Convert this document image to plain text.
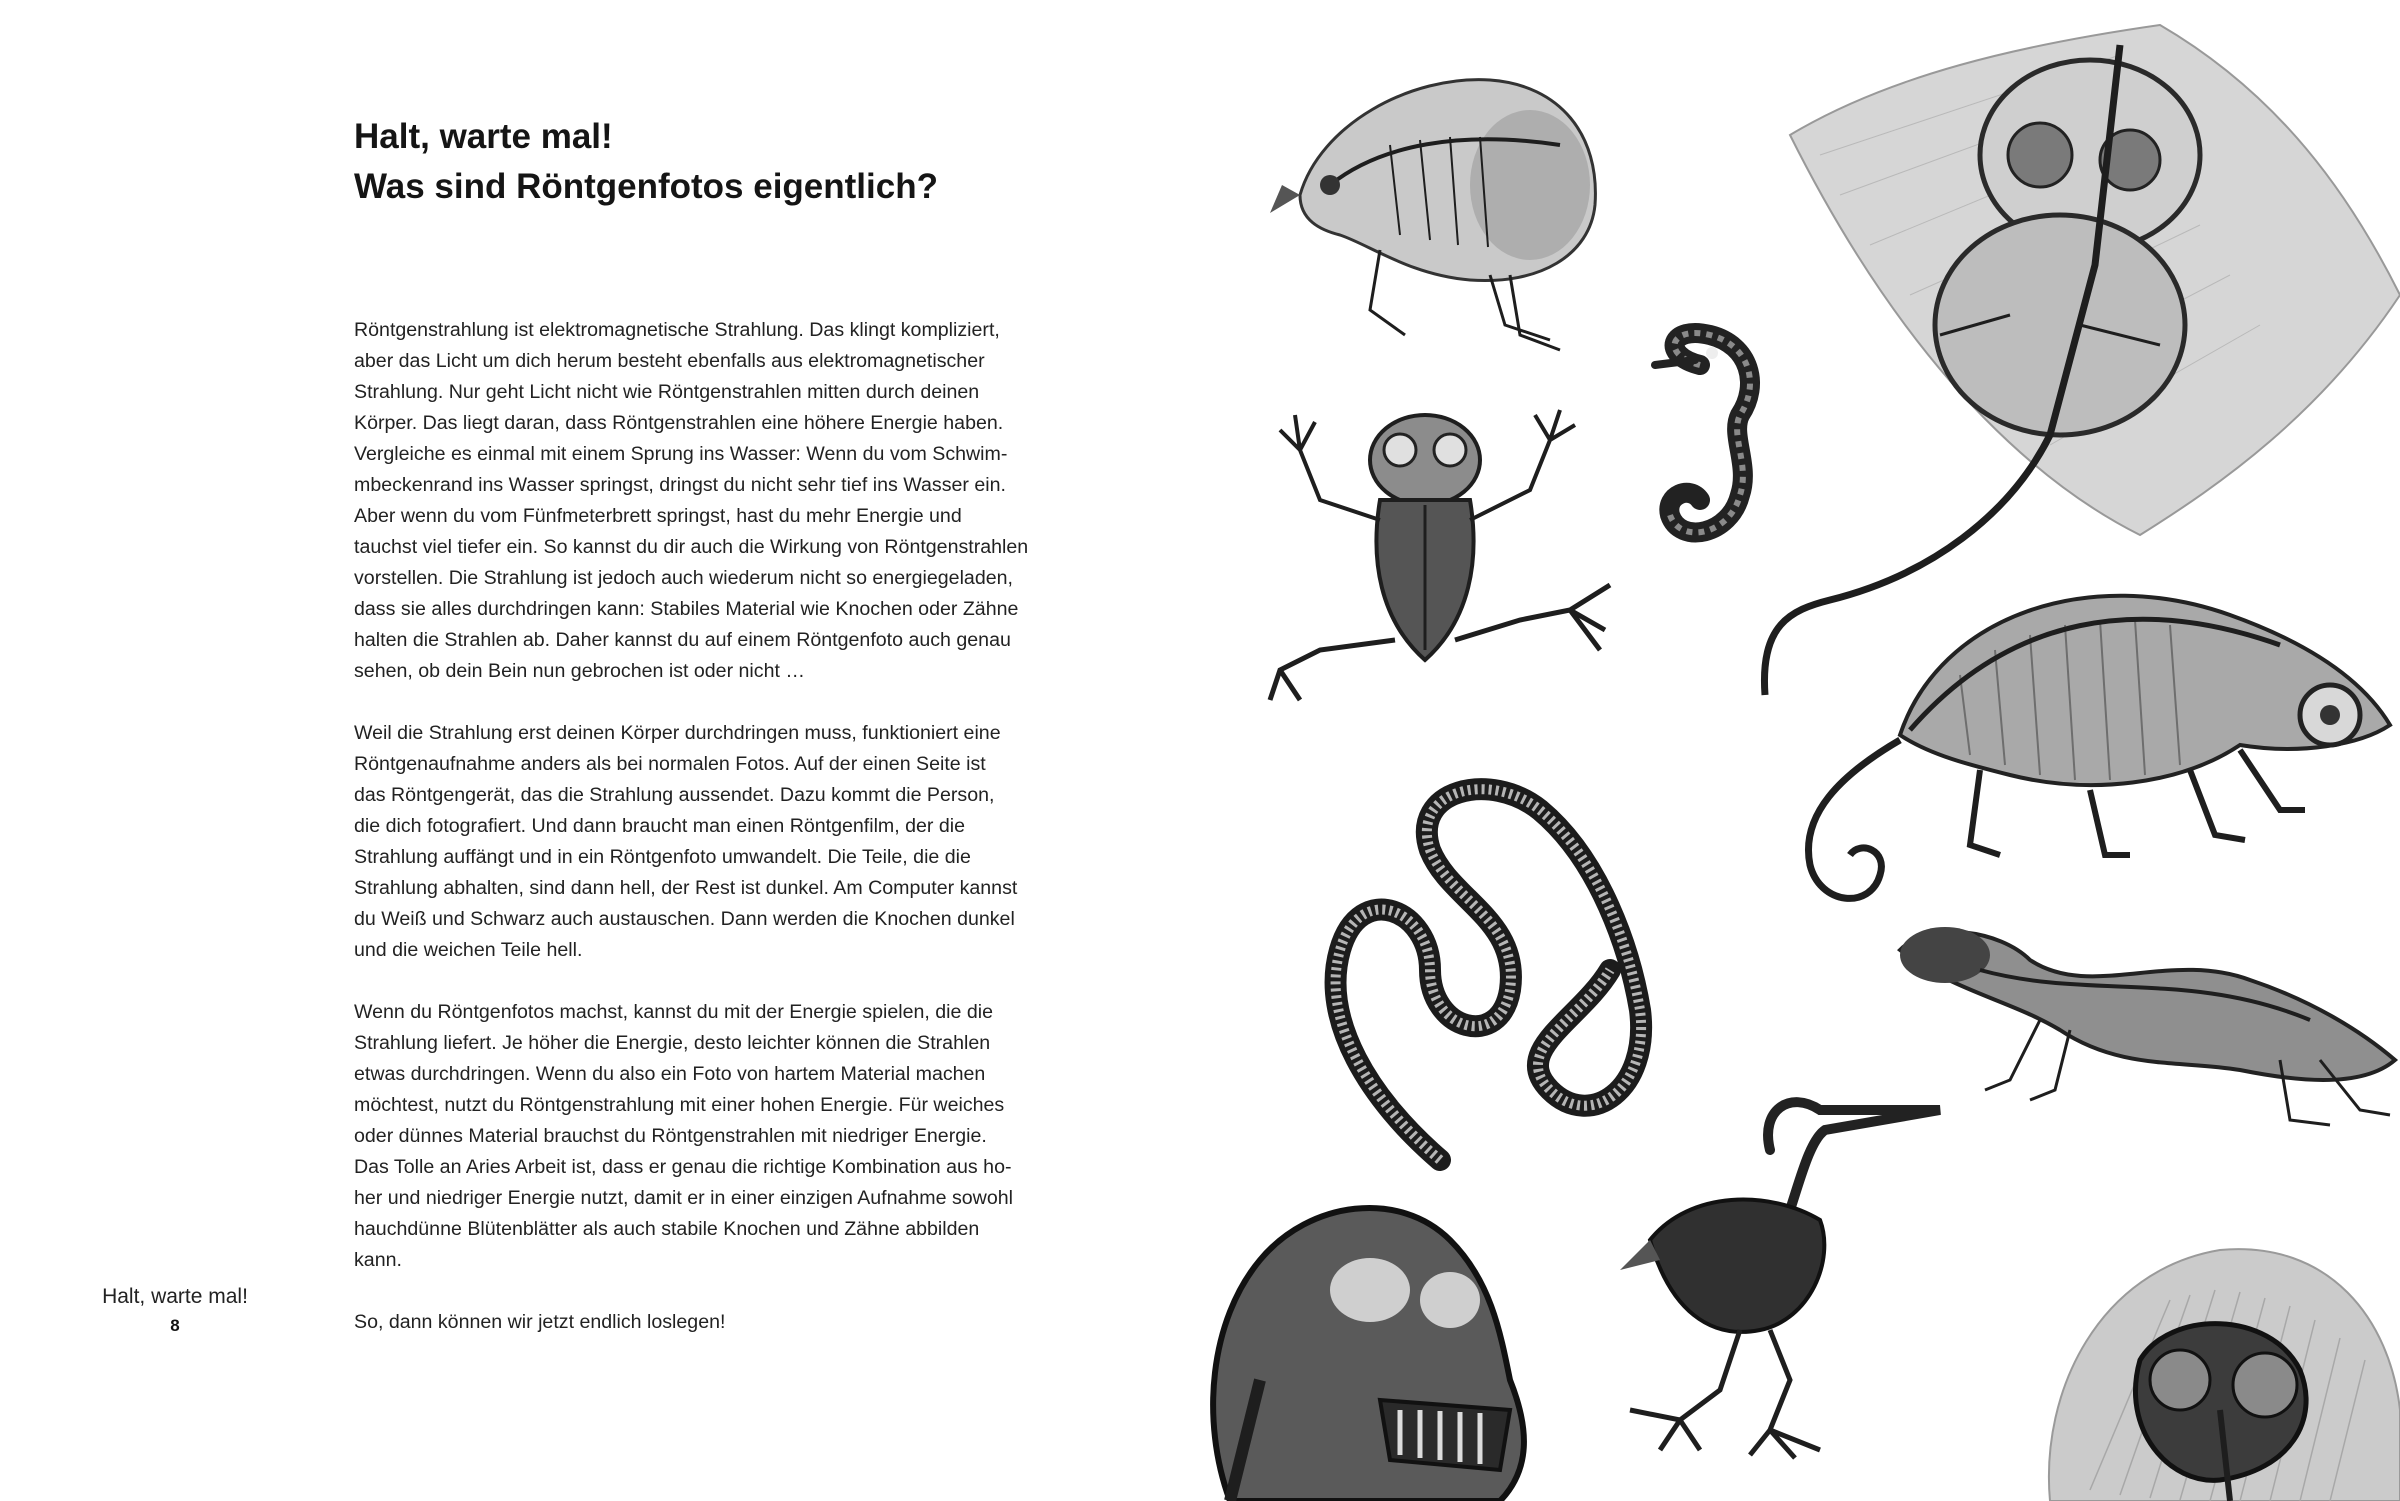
Halt, warte mal!
Was sind Röntgenfotos eigentlich?

Röntgenstrahlung ist elektromagnetische Strahlung. Das klingt kompliziert,
aber das Licht um dich herum besteht ebenfalls aus elektromagnetischer
Strahlung. Nur geht Licht nicht wie Röntgenstrahlen mitten durch deinen
Körper. Das liegt daran, dass Röntgenstrahlen eine höhere Energie haben.
Vergleiche es einmal mit einem Sprung ins Wasser: Wenn du vom Schwim-
mbeckenrand ins Wasser springst, dringst du nicht sehr tief ins Wasser ein.
Aber wenn du vom Fünfmeterbrett springst, hast du mehr Energie und
tauchst viel tiefer ein. So kannst du dir auch die Wirkung von Röntgenstrahlen
vorstellen. Die Strahlung ist jedoch auch wiederum nicht so energiegeladen,
dass sie alles durchdringen kann: Stabiles Material wie Knochen oder Zähne
halten die Strahlen ab. Daher kannst du auf einem Röntgenfoto auch genau
sehen, ob dein Bein nun gebrochen ist oder nicht …

Weil die Strahlung erst deinen Körper durchdringen muss, funktioniert eine
Röntgenaufnahme anders als bei normalen Fotos. Auf der einen Seite ist
das Röntgengerät, das die Strahlung aussendet. Dazu kommt die Person,
die dich fotografiert. Und dann braucht man einen Röntgenfilm, der die
Strahlung auffängt und in ein Röntgenfoto umwandelt. Die Teile, die die
Strahlung abhalten, sind dann hell, der Rest ist dunkel. Am Computer kannst
du Weiß und Schwarz auch austauschen. Dann werden die Knochen dunkel
und die weichen Teile hell.

Wenn du Röntgenfotos machst, kannst du mit der Energie spielen, die die
Strahlung liefert. Je höher die Energie, desto leichter können die Strahlen
etwas durchdringen. Wenn du also ein Foto von hartem Material machen
möchtest, nutzt du Röntgenstrahlung mit einer hohen Energie. Für weiches
oder dünnes Material brauchst du Röntgenstrahlen mit niedriger Energie.
Das Tolle an Aries Arbeit ist, dass er genau die richtige Kombination aus ho-
her und niedriger Energie nutzt, damit er in einer einzigen Aufnahme sowohl
hauchdünne Blütenblätter als auch stabile Knochen und Zähne abbilden
kann.

So, dann können wir jetzt endlich loslegen!

Halt, warte mal!
8
